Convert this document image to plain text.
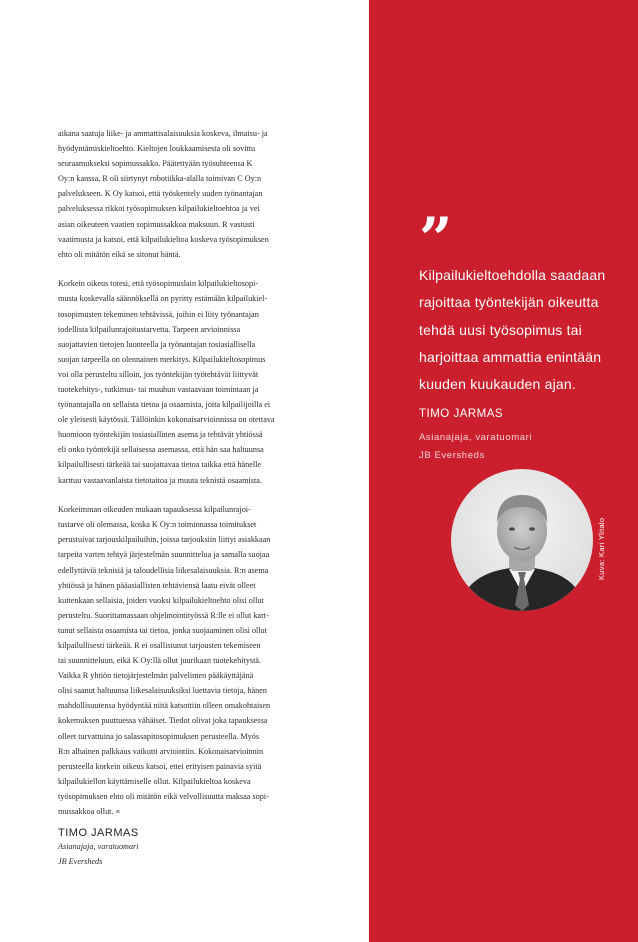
aikana saatuja liike- ja ammattisalaisuuksia koskeva, ilmaisu- ja
hyödyntämiskieltoehto. Kieltojen loukkaamisesta oli sovittu
seuraamukseksi sopimussakko. Päätettyään työsuhteensa K
Oy:n kanssa, R oli siirtynyt robotiikka-alalla toimivan C Oy:n
palvelukseen. K Oy katsoi, että työskentely uuden työnantajan
palveluksessa rikkoi työsopimuksen kilpailukieltoehtoa ja vei
asian oikeuteen vaatien sopimussakkoa maksuun. R vastusti
vaatimusta ja katsoi, että kilpailukieltoa koskeva työsopimuksen
ehto oli mitätön eikä se sitonut häntä.

Korkein oikeus totesi, että työsopimuslain kilpailukieltosopi-
musta koskevalla säännöksellä on pyritty estämään kilpailukiel-
tosopimusten tekeminen tehtävissä, joihin ei liity työnantajan
todellista kilpailunrajoitustarvetta. Tarpeen arvioinnissa
suojattavien tietojen luonteella ja työnantajan tosiasiallisella
suojan tarpeella on olennainen merkitys. Kilpailukieltosopimus
voi olla perusteltu silloin, jos työntekijän työtehtävät liittyvät
tuotekehitys-, tutkimus- tai muuhun vastaavaan toimintaan ja
työnantajalla on sellaista tietoa ja osaamista, joita kilpailijoilla ei
ole yleisesti käytössä. Tällöinkin kokonaisarvioinnissa on otettava
huomioon työntekijän tosiasiallinen asema ja tehtävät yhtiössä
eli onko työntekijä sellaisessa asemassa, että hän saa haltuunsa
kilpailullisesti tärkeää tai suojattavaa tietoa taikka että hänelle
karttuu vastaavanlaista tietotaitoa ja muuta teknistä osaamista.

Korkeimman oikeuden mukaan tapauksessa kilpailunrajoi-
tustarve oli olemassa, koska K Oy:n toiminnassa toimitukset
perustuivat tarjouskilpailuihin, joissa tarjouksiin liittyi asiakkaan
tarpeita varten tehtyä järjestelmän suunnittelua ja samalla suojaa
edellyttäviä teknisiä ja taloudellisia liikesalaisuuksia. R:n asema
yhtiössä ja hänen pääasiallisten tehtäviensä laatu eivät olleet
kuitenkaan sellaisia, joiden vuoksi kilpailukieltoehto olisi ollut
perusteltu. Suorittamassaan ohjelmointityössä R:lle ei ollut kart-
tunut sellaista osaamista tai tietoa, jonka suojaaminen olisi ollut
kilpailullisesti tärkeää. R ei osallistunut tarjousten tekemiseen
tai suunnitteluun, eikä K Oy:llä ollut juurikaan tuotekehitystä.
Vaikka R yhtiön tietojärjestelmän palvelimen pääkäyttäjänä
olisi saanut haltuunsa liikesalaisuuksiksi luettavia tietoja, hänen
mahdollisuutensa hyödyntää niitä katsottiin olleen omakohtaisen
kokemuksen puuttuessa vähäiset. Tiedot olivat joka tapauksessa
olleet turvattuina jo salassapitosopimuksen perusteella. Myös
R:n alhainen palkkaus vaikutti arviointiin. Kokonaisarvioinnin
perusteella korkein oikeus katsoi, ettei erityisen painavia syitä
kilpailukiellon käyttämiselle ollut. Kilpailukieltoa koskeva
työsopimuksen ehto oli mitätön eikä velvollisuutta maksaa sopi-
mussakkoa ollut. ≡

TIMO JARMAS
Asianajaja, varatuomari
JB Eversheds
”
Kilpailukieltoehdolla saadaan
rajoittaa työntekijän oikeutta
tehdä uusi työsopimus tai
harjoittaa ammattia enintään
kuuden kuukauden ajan.
TIMO JARMAS
Asianajaja, varatuomari
JB Eversheds
Kuva: Kari Ylitalo
